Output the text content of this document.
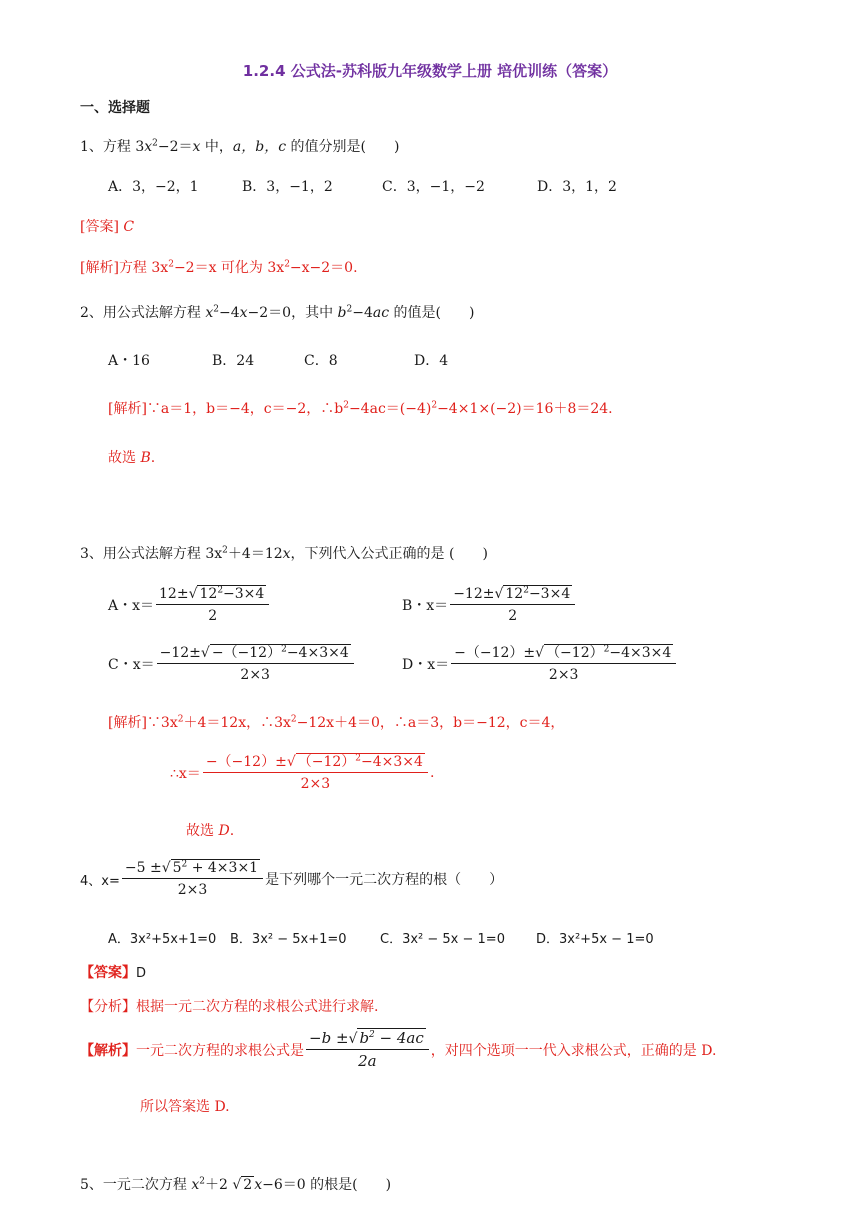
1.2.4 公式法-苏科版九年级数学上册 培优训练（答案）
一、选择题
1、方程 $3x^2-2=x$ 中，a，b，c 的值分别是(　　)
A．3，−2，1	B．3，−1，2	C．3，−1，−2	D．3，1，2
[答案] C
[解析]方程 $3x^2-2=x$ 可化为 $3x^2-x-2=0$.
2、用公式法解方程 $x^2-4x-2=0$，其中 $b^2-4ac$ 的值是(　　)
A・16	B．24	C．8	D．4
[解析]∵a＝1，b＝−4，c＝−2，$\therefore b^2-4ac=(-4)^2-4\times 1\times(-2)=16+8=24$.
故选 B.
3、用公式法解方程 $3x^2+4=12x$，下列代入公式正确的是 (　　)
A・$x= \frac{12\pm√ 12^2-3\times 4}{2}$	B・$x= \frac{-12\pm√ 12^2-3\times 4}{2}$
C・$x= \frac{-12\pm√ -(-12)^2-4\times 3\times 4}{2\times 3}$	D・$x= \frac{-(-12)\pm√ (-12)^2-4\times 3\times 4}{2\times 3}$
[解析]$\because 3x^2+4=12x$，$\therefore 3x^2-12x+4=0$，∴a＝3，b＝−12，c＝4，
∴x＝ $\frac{-(-12)\pm√ (-12)^2-4\times 3\times 4}{2\times 3}$ .
故选 D.
4、$x= \frac{-5 \pm√ 5^2 + 4\times 3\times 1}{2\times 3}$ 是下列哪个一元二次方程的根（　　）
A．3x²+5x+1=0 B．3x² − 5x+1=0	C．3x² − 5x − 1=0 D．3x²+5x − 1=0
【答案】D
【分析】根据一元二次方程的求根公式进行求解.
【解析】 一元二次方程的求根公式是 $\frac{-b \pm√ b^2 - 4ac}{2a}$ ，对四个选项一一代入求根公式，正确的是 D.
所以答案选 D.
5、一元二次方程 $x^2+2$ √ 2 x−6＝0 的根是(　　)
